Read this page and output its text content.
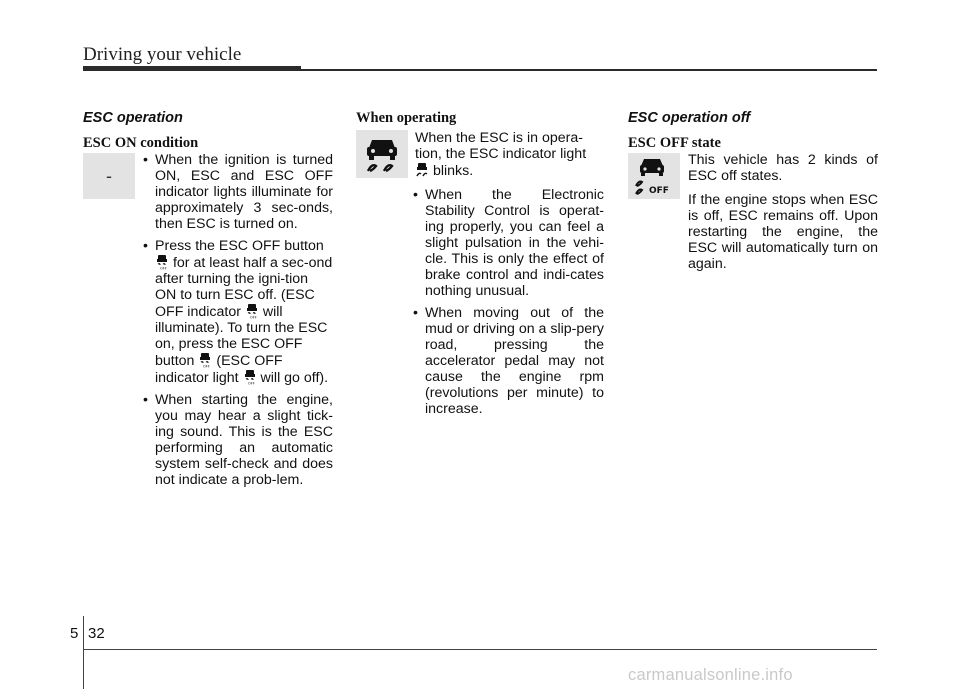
Driving your vehicle
ESC operation
ESC ON condition
-

• When the ignition is turned ON, ESC and ESC OFF indicator lights illuminate for approximately 3 sec-onds, then ESC is turned on.

• Press the ESC OFF button

OFF for at least half a sec-ond after turning the igni-tion ON to turn ESC off. (ESC OFF indicator	OFF will illuminate). To turn the ESC on, press the ESC OFF button	OFF (ESC OFF indicator light	OFF will go off).

• When starting the engine, you may hear a slight tick-ing sound. This is the ESC performing an automatic system self-check and does not indicate a prob-lem.

When operating

When the ESC is in opera-tion, the ESC indicator light
blinks.

• When the Electronic Stability Control is operat-ing properly, you can feel a slight pulsation in the vehi-cle. This is only the effect of brake control and indi-cates nothing unusual.

• When moving out of the mud or driving on a slip-pery road, pressing the accelerator pedal may not cause the engine rpm (revolutions per minute) to increase.

ESC operation off
ESC OFF state
OFF

This vehicle has 2 kinds of ESC off states.

If the engine stops when ESC is off, ESC remains off. Upon restarting the engine, the ESC will automatically turn on again.

5 32
carmanualsonline.info
